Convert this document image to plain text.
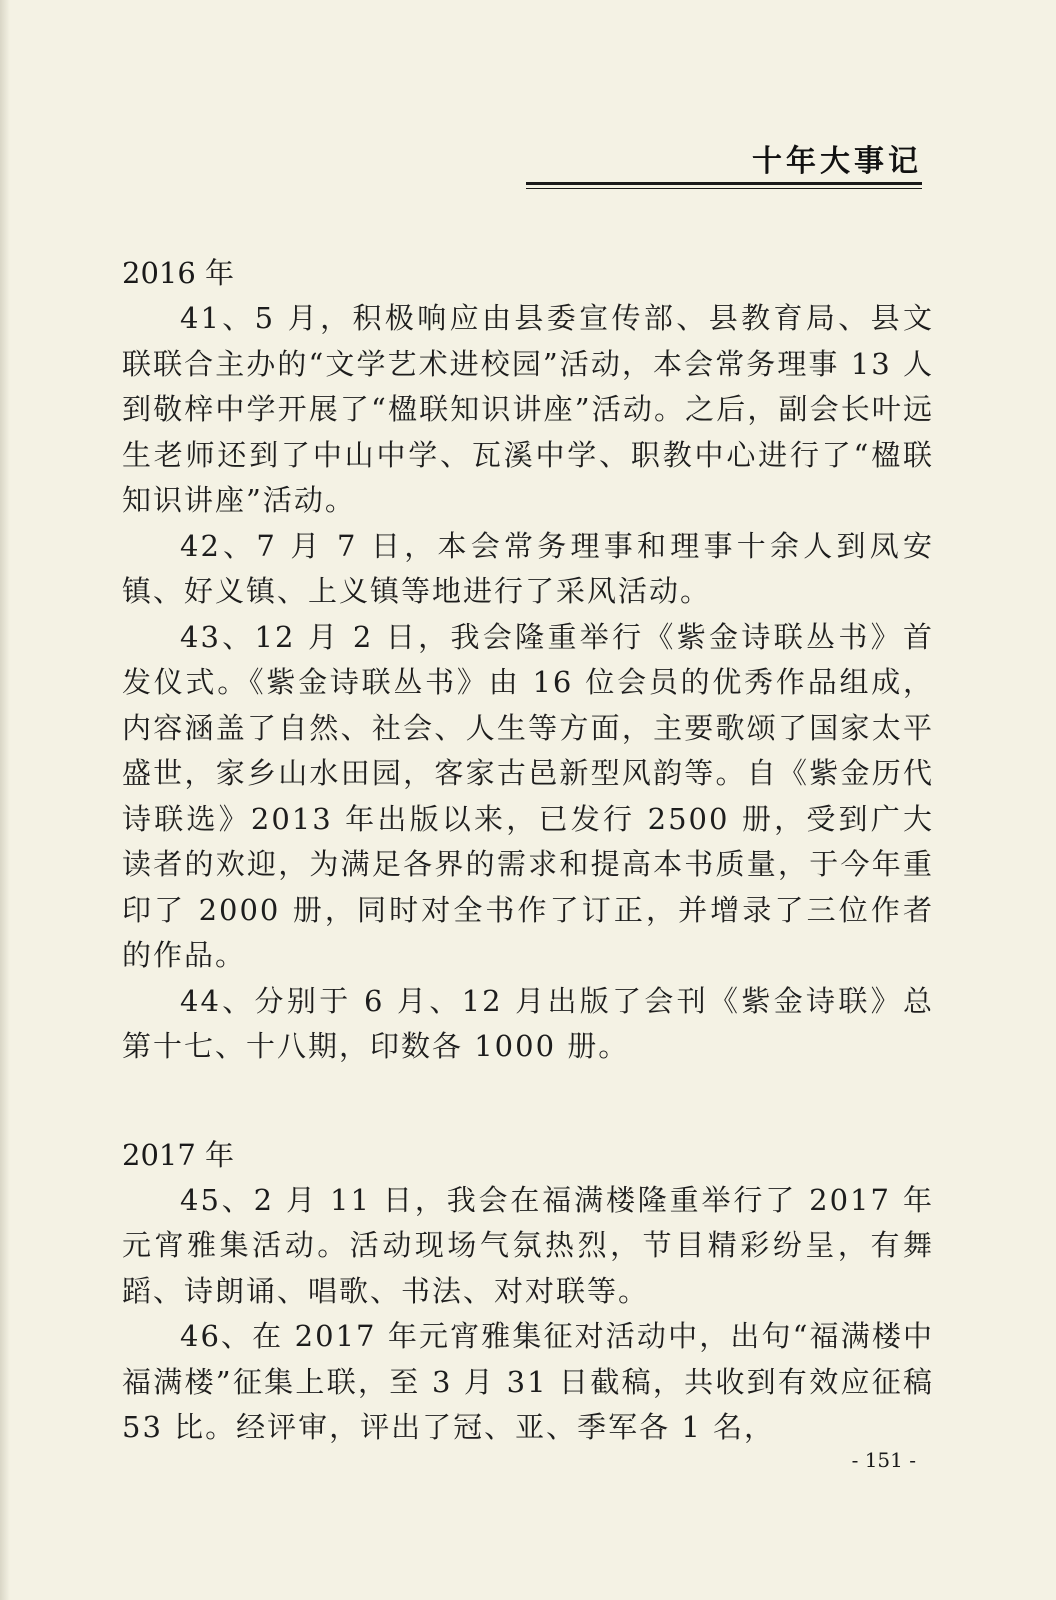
十年大事记
2016 年

41、5 月，积极响应由县委宣传部、县教育局、县文联联合主办的“文学艺术进校园”活动，本会常务理事 13 人到敬梓中学开展了“楹联知识讲座”活动。之后，副会长叶远生老师还到了中山中学、瓦溪中学、职教中心进行了“楹联知识讲座”活动。

42、7 月 7 日，本会常务理事和理事十余人到凤安镇、好义镇、上义镇等地进行了采风活动。

43、12 月 2 日，我会隆重举行《紫金诗联丛书》首发仪式。《紫金诗联丛书》由 16 位会员的优秀作品组成，内容涵盖了自然、社会、人生等方面，主要歌颂了国家太平盛世，家乡山水田园，客家古邑新型风韵等。自《紫金历代诗联选》2013 年出版以来，已发行 2500 册，受到广大读者的欢迎，为满足各界的需求和提高本书质量，于今年重印了 2000 册，同时对全书作了订正，并增录了三位作者的作品。

44、分别于 6 月、12 月出版了会刊《紫金诗联》总第十七、十八期，印数各 1000 册。

2017 年

45、2 月 11 日，我会在福满楼隆重举行了 2017 年元宵雅集活动。活动现场气氛热烈，节目精彩纷呈，有舞蹈、诗朗诵、唱歌、书法、对对联等。

46、在 2017 年元宵雅集征对活动中，出句“福满楼中福满楼”征集上联，至 3 月 31 日截稿，共收到有效应征稿 53 比。经评审，评出了冠、亚、季军各 1 名，

- 151 -
